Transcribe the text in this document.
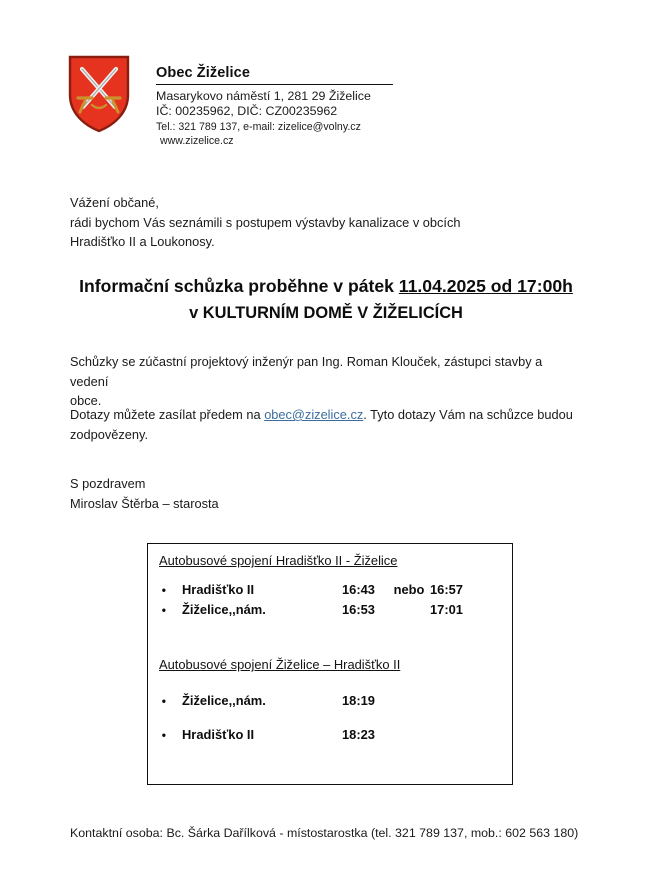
Obec Žiželice
Masarykovo náměstí 1, 281 29 Žiželice
IČ: 00235962, DIČ: CZ00235962
Tel.: 321 789 137, e-mail: zizelice@volny.cz
www.zizelice.cz
Vážení občané,
rádi bychom Vás seznámili s postupem výstavby kanalizace v obcích
Hradišťko II a Loukonosy.
Informační schůzka proběhne v pátek 11.04.2025 od 17:00h
v KULTURNÍM DOMĚ V ŽIŽELICÍCH
Schůzky se zúčastní projektový inženýr pan Ing. Roman Klouček, zástupci stavby a vedení
obce.
Dotazy můžete zasílat předem na obec@zizelice.cz. Tyto dotazy Vám na schůzce budou
zodpovězeny.
S pozdravem
Miroslav Štěrba – starosta
Autobusové spojení Hradišťko II - Žiželice
•	Hradišťko II	16:43	nebo 16:57
•	Žiželice,,nám.	16:53	17:01
Autobusové spojení Žiželice – Hradišťko II
•	Žiželice,,nám.	18:19
•	Hradišťko II	18:23
Kontaktní osoba: Bc. Šárka Dařílková - místostarostka (tel. 321 789 137, mob.: 602 563 180)
